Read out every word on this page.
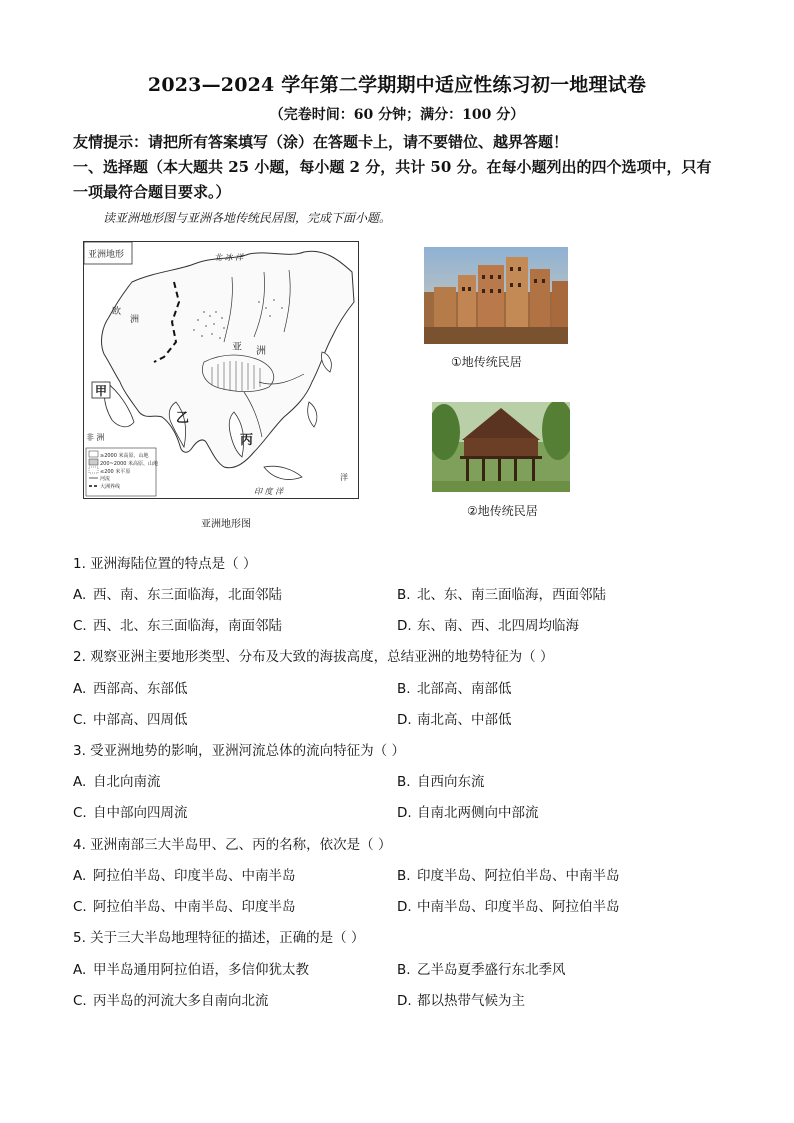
2023—2024 学年第二学期期中适应性练习初一地理试卷
（完卷时间：60 分钟；满分：100 分）
友情提示：请把所有答案填写（涂）在答题卡上，请不要错位、越界答题！
一、选择题（本大题共 25 小题，每小题 2 分，共计 50 分。在每小题列出的四个选项中，只有一项最符合题目要求。）
读亚洲地形图与亚洲各地传统民居图，完成下面小题。
亚洲地形	北 冰 洋
欧
洲
亚 洲
非 洲
印 度 洋
洋
甲
乙
丙
≥2000 米高原、山地
200~2000 米高原、山地
≤200 米平原
河流
大洲界线
亚洲地形图
①地传统民居
②地传统民居
1. 亚洲海陆位置的特点是（ ）
A. 西、南、东三面临海，北面邻陆	B. 北、东、南三面临海，西面邻陆
C. 西、北、东三面临海，南面邻陆	D. 东、南、西、北四周均临海
2. 观察亚洲主要地形类型、分布及大致的海拔高度，总结亚洲的地势特征为（ ）
A. 西部高、东部低	B. 北部高、南部低
C. 中部高、四周低	D. 南北高、中部低
3. 受亚洲地势的影响，亚洲河流总体的流向特征为（ ）
A. 自北向南流	B. 自西向东流
C. 自中部向四周流	D. 自南北两侧向中部流
4. 亚洲南部三大半岛甲、乙、丙的名称，依次是（ ）
A. 阿拉伯半岛、印度半岛、中南半岛	B. 印度半岛、阿拉伯半岛、中南半岛
C. 阿拉伯半岛、中南半岛、印度半岛	D. 中南半岛、印度半岛、阿拉伯半岛
5. 关于三大半岛地理特征的描述，正确的是（ ）
A. 甲半岛通用阿拉伯语，多信仰犹太教	B. 乙半岛夏季盛行东北季风
C. 丙半岛的河流大多自南向北流	D. 都以热带气候为主
